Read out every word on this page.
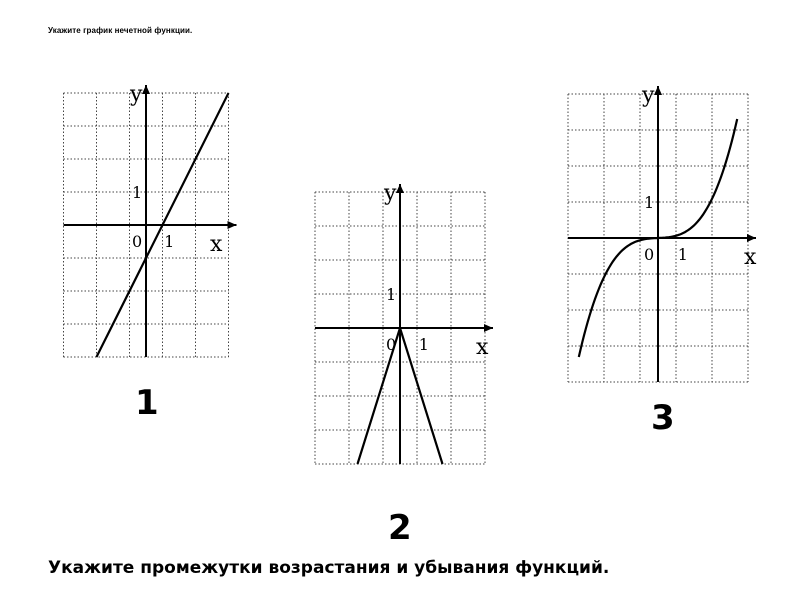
Укажите график нечетной функции.
y
x
0 1
1
1
y
x
0 1
1
2
y
x
0 1
1
3
Укажите промежутки возрастания и убывания функций.
